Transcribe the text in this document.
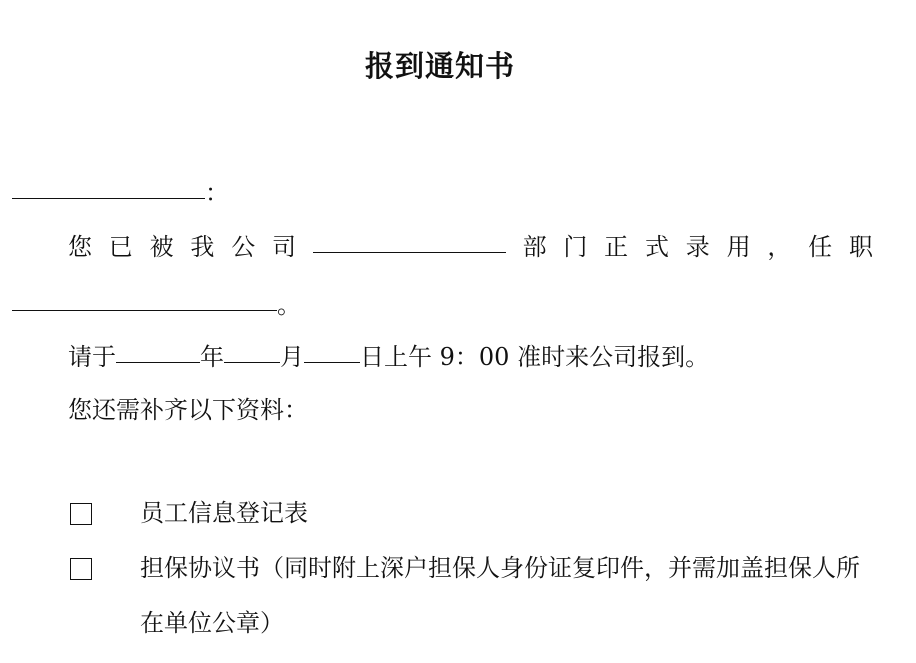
报到通知书
：
您 已 被 我 公 司	部 门 正 式 录 用 ， 任 职
。
请于	年 月 日上午 9：00 准时来公司报到。
您还需补齐以下资料：
员工信息登记表
担保协议书（同时附上深户担保人身份证复印件，并需加盖担保人所在单位公章）
